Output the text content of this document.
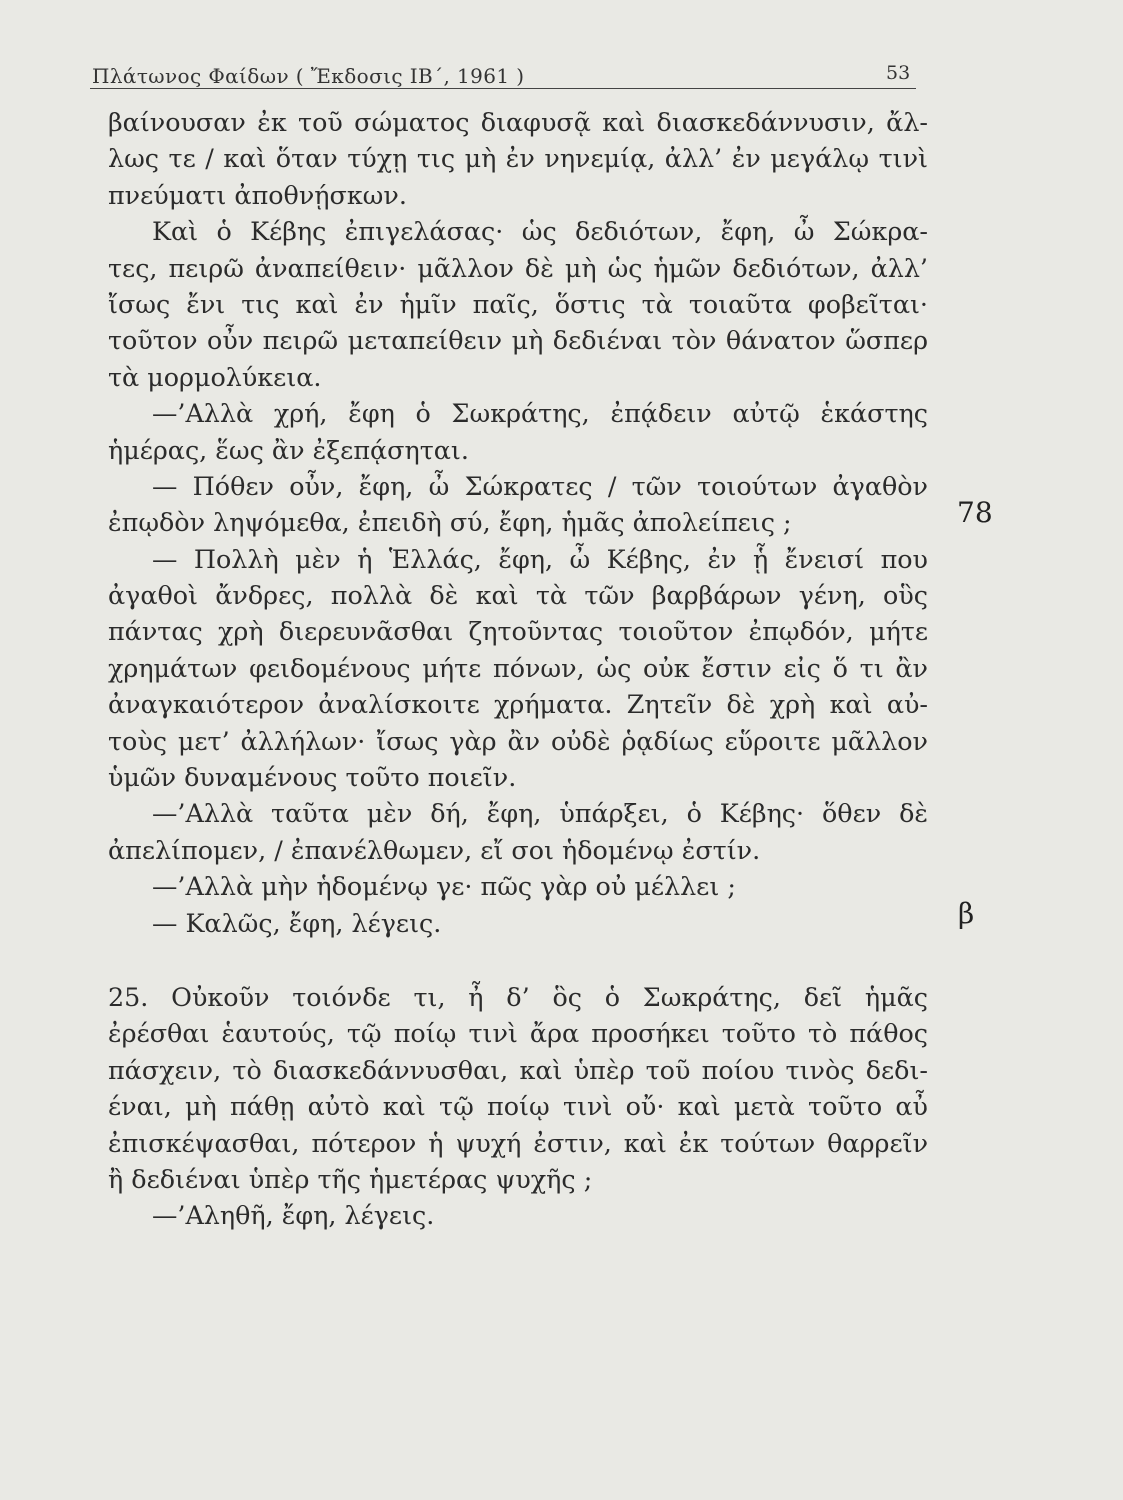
Πλάτωνος Φαίδων ( Ἔκδοσις ΙΒ΄, 1961 )	53
βαίνουσαν ἐκ τοῦ σώματος διαφυσᾷ καὶ διασκεδάννυσιν, ἄλ-
λως τε / καὶ ὅταν τύχῃ τις μὴ ἐν νηνεμίᾳ, ἀλλ’ ἐν μεγάλῳ τινὶ
πνεύματι ἀποθνῄσκων.
Καὶ ὁ Κέβης ἐπιγελάσας· ὡς δεδιότων, ἔφη, ὦ Σώκρα-
τες, πειρῶ ἀναπείθειν· μᾶλλον δὲ μὴ ὡς ἡμῶν δεδιότων, ἀλλ’
ἴσως ἔνι τις καὶ ἐν ἡμῖν παῖς, ὅστις τὰ τοιαῦτα φοβεῖται·
τοῦτον οὖν πειρῶ μεταπείθειν μὴ δεδιέναι τὸν θάνατον ὥσπερ
τὰ μορμολύκεια.
—’Αλλὰ χρή, ἔφη ὁ Σωκράτης, ἐπᾴδειν αὐτῷ ἑκάστης
ἡμέρας, ἕως ἂν ἐξεπᾴσηται.
— Πόθεν οὖν, ἔφη, ὦ Σώκρατες / τῶν τοιούτων ἀγαθὸν
ἐπῳδὸν ληψόμεθα, ἐπειδὴ σύ, ἔφη, ἡμᾶς ἀπολείπεις ;
— Πολλὴ μὲν ἡ Ἑλλάς, ἔφη, ὦ Κέβης, ἐν ᾗ ἔνεισί που
ἀγαθοὶ ἄνδρες, πολλὰ δὲ καὶ τὰ τῶν βαρβάρων γένη, οὓς
πάντας χρὴ διερευνᾶσθαι ζητοῦντας τοιοῦτον ἐπῳδόν, μήτε
χρημάτων φειδομένους μήτε πόνων, ὡς οὐκ ἔστιν εἰς ὅ τι ἂν
ἀναγκαιότερον ἀναλίσκοιτε χρήματα. Ζητεῖν δὲ χρὴ καὶ αὐ-
τοὺς μετ’ ἀλλήλων· ἴσως γὰρ ἂν οὐδὲ ῥᾳδίως εὕροιτε μᾶλλον
ὑμῶν δυναμένους τοῦτο ποιεῖν.
—’Αλλὰ ταῦτα μὲν δή, ἔφη, ὑπάρξει, ὁ Κέβης· ὅθεν δὲ
ἀπελίπομεν, / ἐπανέλθωμεν, εἴ σοι ἡδομένῳ ἐστίν.
—’Αλλὰ μὴν ἡδομένῳ γε· πῶς γὰρ οὐ μέλλει ;
— Καλῶς, ἔφη, λέγεις.
25. Οὐκοῦν τοιόνδε τι, ἦ δ’ ὃς ὁ Σωκράτης, δεῖ ἡμᾶς
ἐρέσθαι ἑαυτούς, τῷ ποίῳ τινὶ ἄρα προσήκει τοῦτο τὸ πάθος
πάσχειν, τὸ διασκεδάννυσθαι, καὶ ὑπὲρ τοῦ ποίου τινὸς δεδι-
έναι, μὴ πάθῃ αὐτὸ καὶ τῷ ποίῳ τινὶ οὔ· καὶ μετὰ τοῦτο αὖ
ἐπισκέψασθαι, πότερον ἡ ψυχή ἐστιν, καὶ ἐκ τούτων θαρρεῖν
ἢ δεδιέναι ὑπὲρ τῆς ἡμετέρας ψυχῆς ;
—’Αληθῆ, ἔφη, λέγεις.
78
β
